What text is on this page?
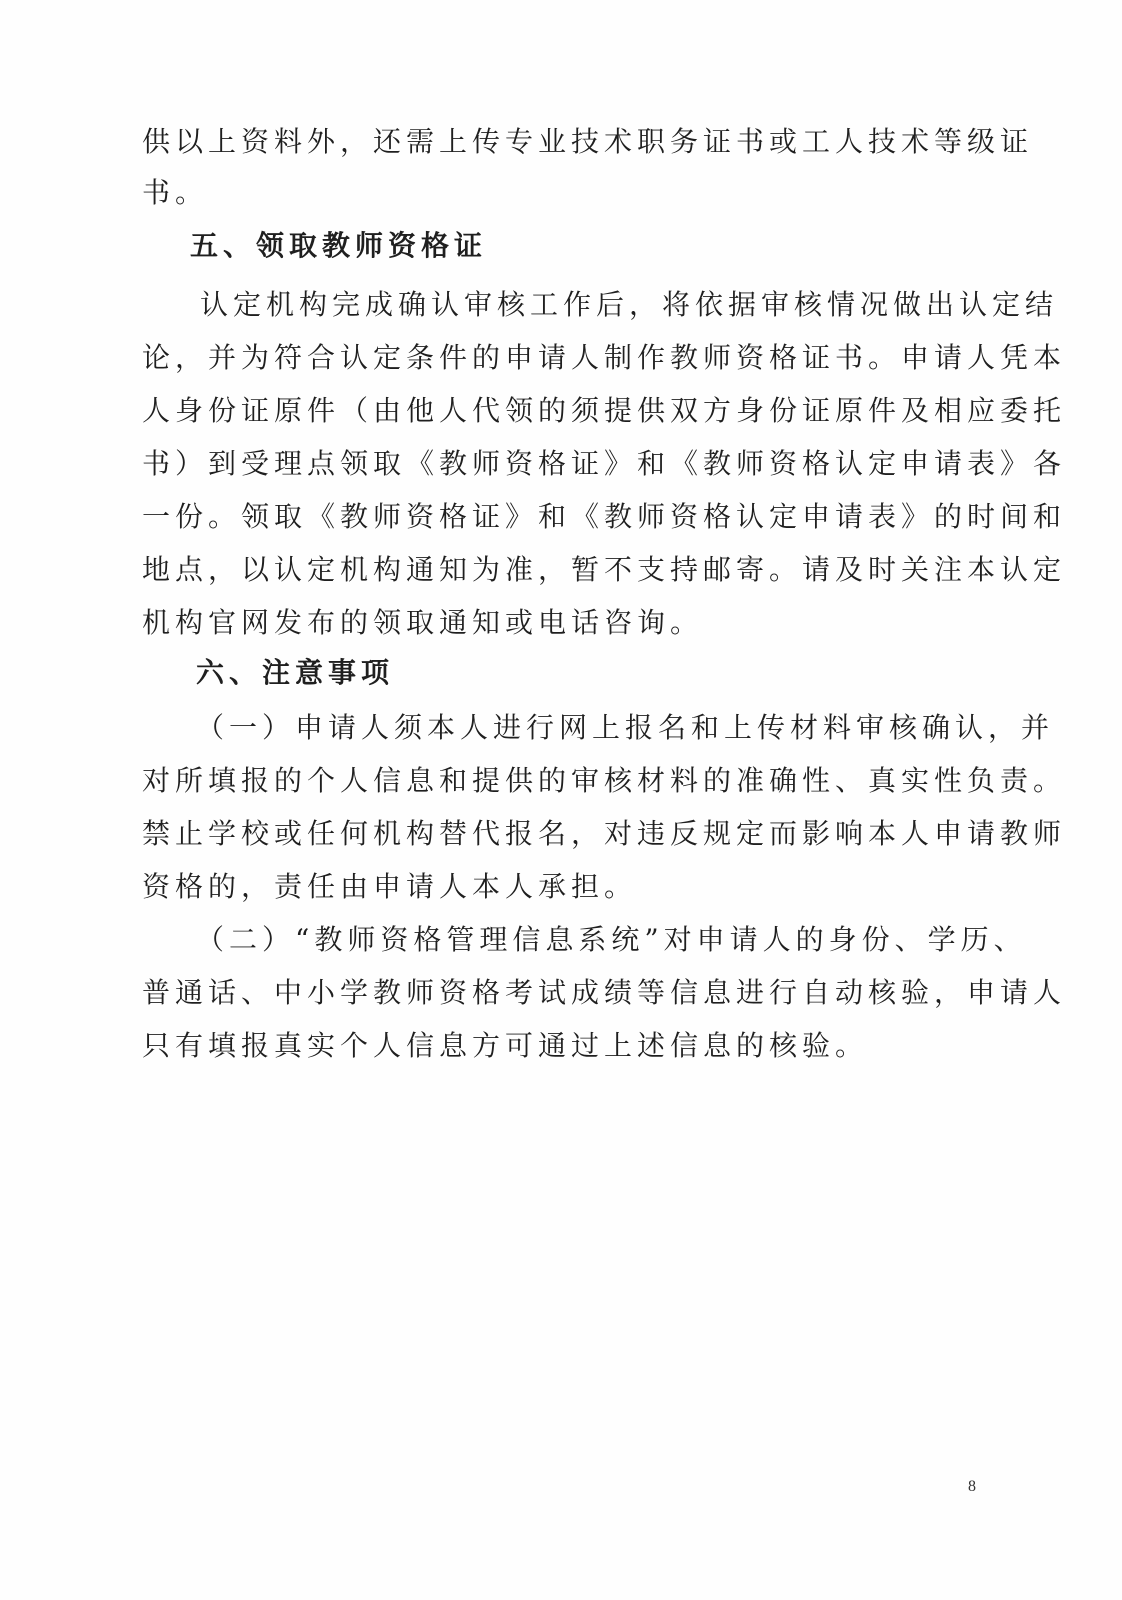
供以上资料外，还需上传专业技术职务证书或工人技术等级证
书。
五、领取教师资格证
认定机构完成确认审核工作后，将依据审核情况做出认定结
论，并为符合认定条件的申请人制作教师资格证书。申请人凭本
人身份证原件（由他人代领的须提供双方身份证原件及相应委托
书）到受理点领取《教师资格证》和《教师资格认定申请表》各
一份。领取《教师资格证》和《教师资格认定申请表》的时间和
地点，以认定机构通知为准，暂不支持邮寄。请及时关注本认定
机构官网发布的领取通知或电话咨询。
六、注意事项
（一）申请人须本人进行网上报名和上传材料审核确认，并
对所填报的个人信息和提供的审核材料的准确性、真实性负责。
禁止学校或任何机构替代报名，对违反规定而影响本人申请教师
资格的，责任由申请人本人承担。
（二）“教师资格管理信息系统”对申请人的身份、学历、
普通话、中小学教师资格考试成绩等信息进行自动核验，申请人
只有填报真实个人信息方可通过上述信息的核验。
8
